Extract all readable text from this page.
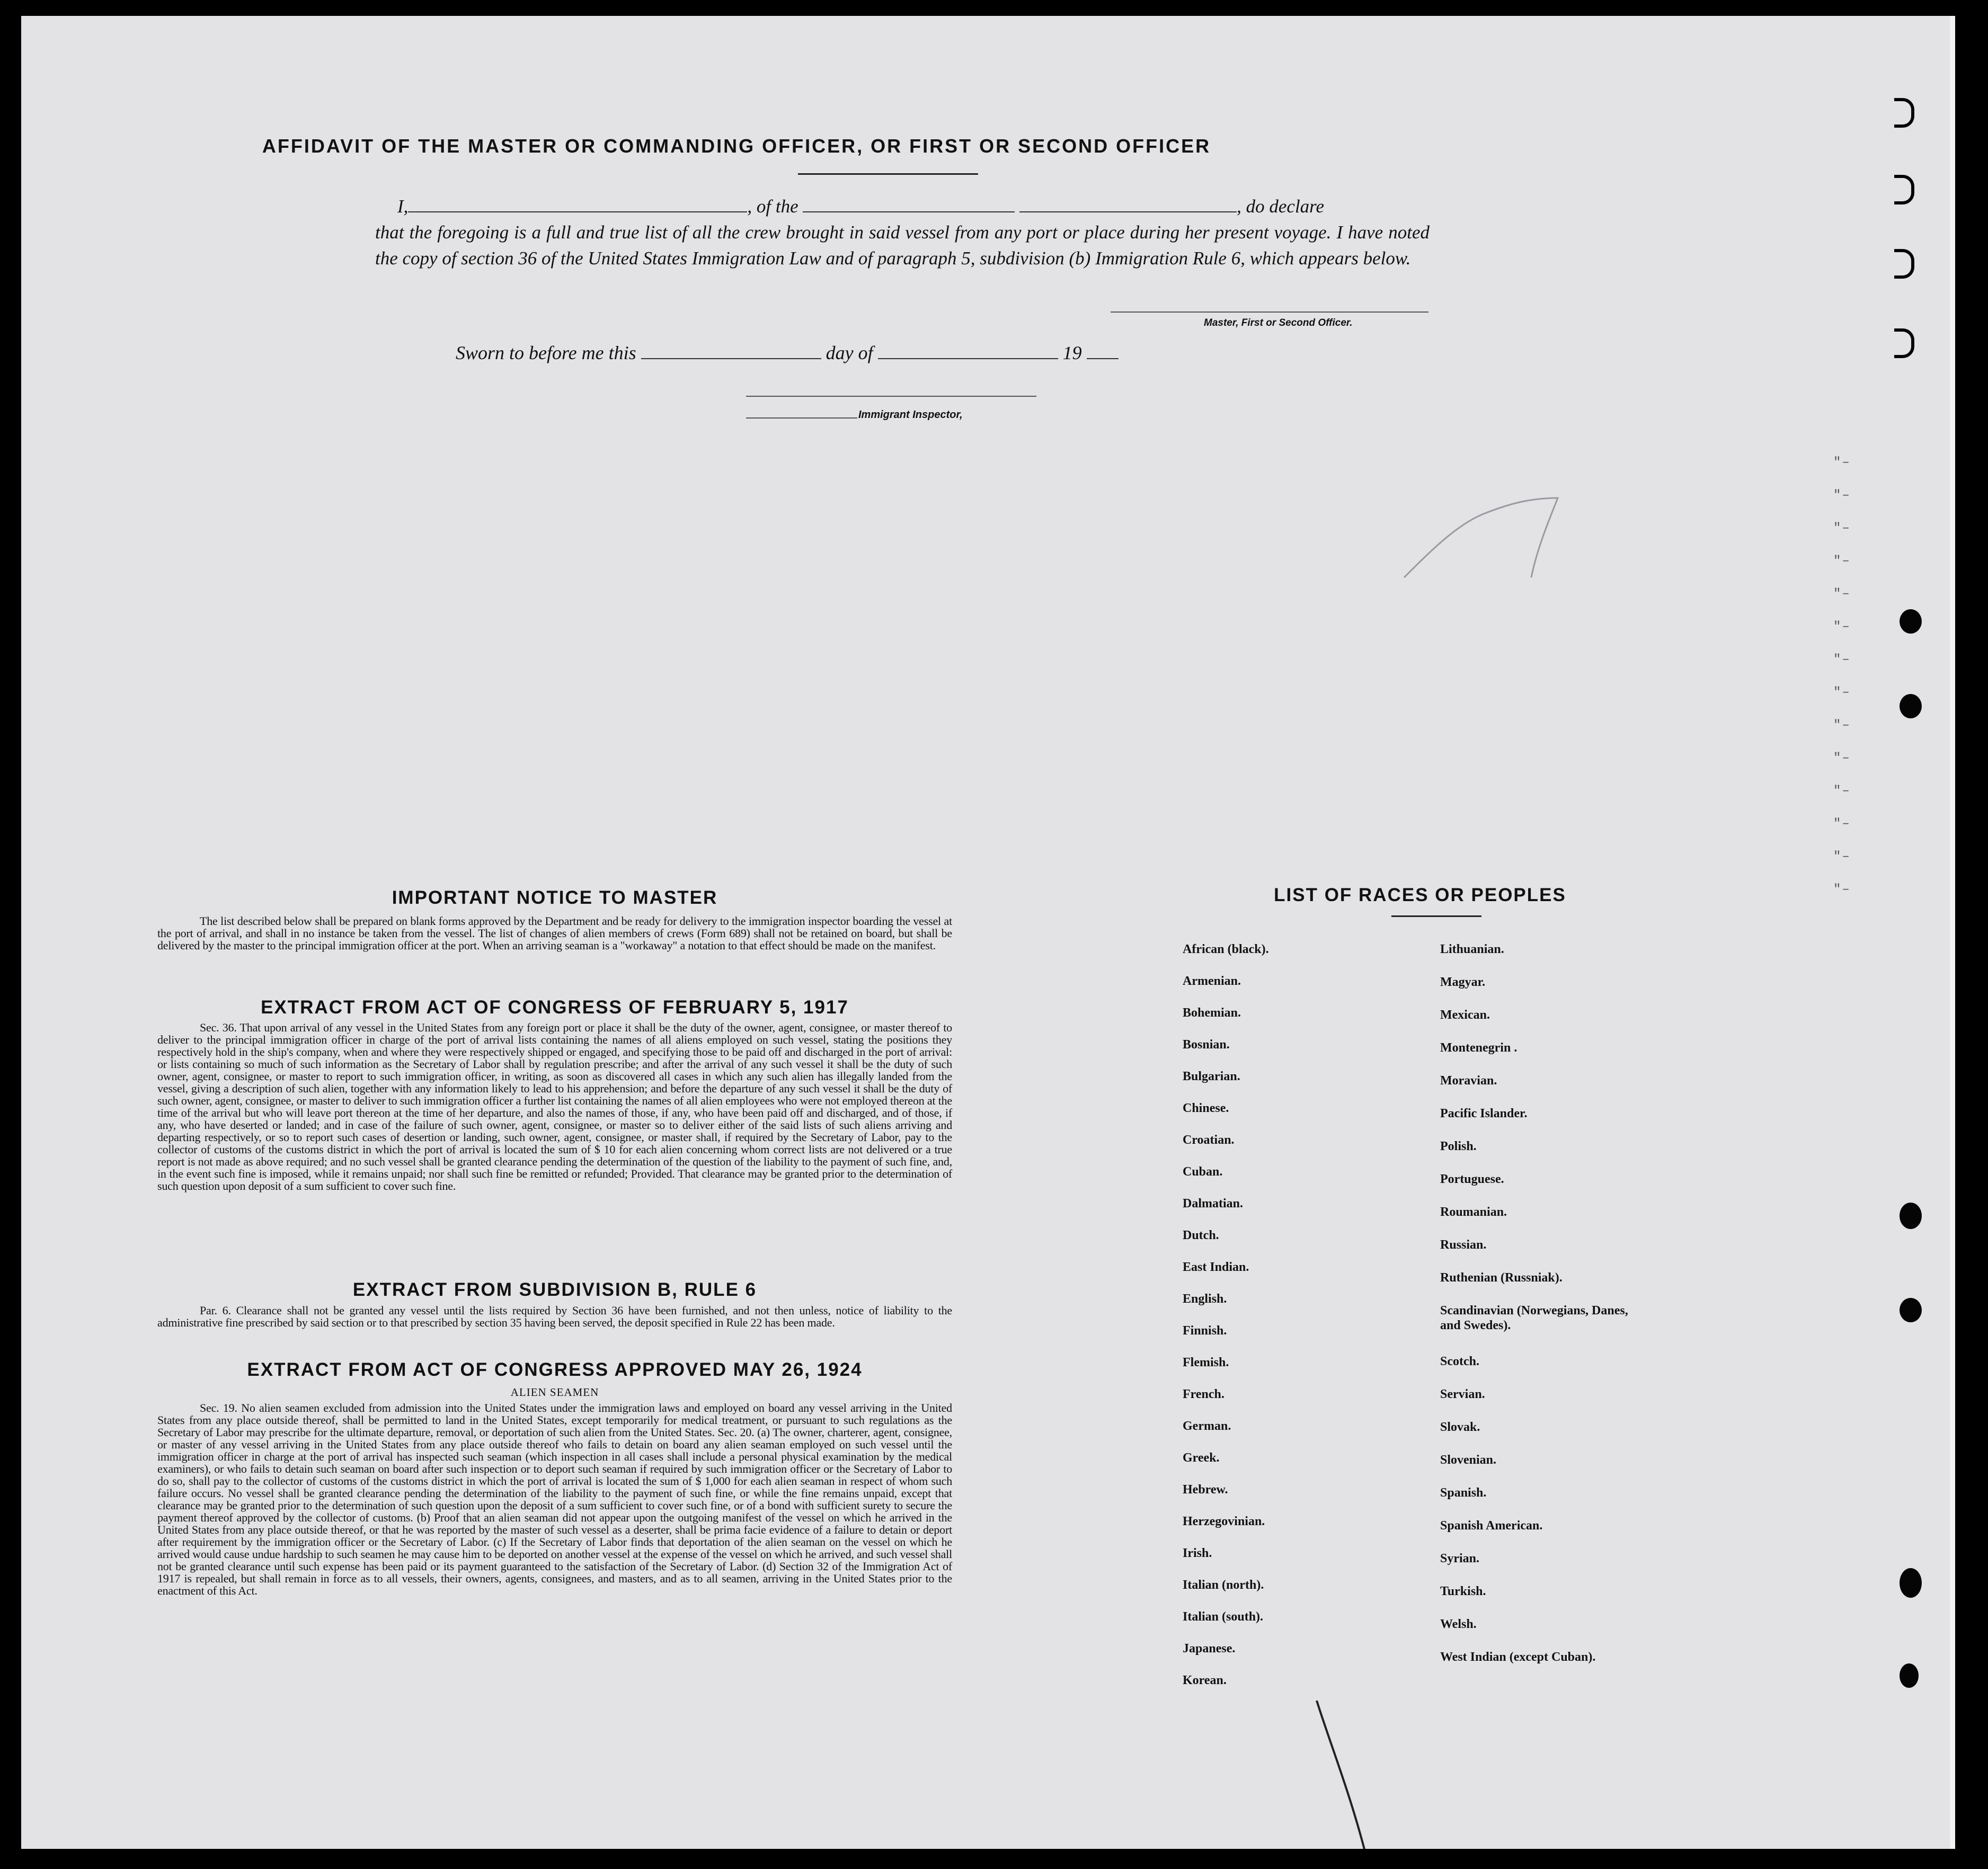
AFFIDAVIT OF THE MASTER OR COMMANDING OFFICER, OR FIRST OR SECOND OFFICER
I,	, of the	, do declare
that the foregoing is a full and true list of all the crew brought in said vessel from any port or place during her present voyage. I have noted the copy of section 36 of the United States Immigration Law and of paragraph 5, subdivision (b) Immigration Rule 6, which appears below.
Master, First or Second Officer.
Sworn to before me this	day of	19
Immigrant Inspector,
IMPORTANT NOTICE TO MASTER
The list described below shall be prepared on blank forms approved by the Department and be ready for delivery to the immigration inspector boarding the vessel at the port of arrival, and shall in no instance be taken from the vessel. The list of changes of alien members of crews (Form 689) shall not be retained on board, but shall be delivered by the master to the principal immigration officer at the port. When an arriving seaman is a "workaway" a notation to that effect should be made on the manifest.
EXTRACT FROM ACT OF CONGRESS OF FEBRUARY 5, 1917
Sec. 36. That upon arrival of any vessel in the United States from any foreign port or place it shall be the duty of the owner, agent, consignee, or master thereof to deliver to the principal immigration officer in charge of the port of arrival lists containing the names of all aliens employed on such vessel, stating the positions they respectively hold in the ship's company, when and where they were respectively shipped or engaged, and specifying those to be paid off and discharged in the port of arrival: or lists containing so much of such information as the Secretary of Labor shall by regulation prescribe; and after the arrival of any such vessel it shall be the duty of such owner, agent, consignee, or master to report to such immigration officer, in writing, as soon as discovered all cases in which any such alien has illegally landed from the vessel, giving a description of such alien, together with any information likely to lead to his apprehension; and before the departure of any such vessel it shall be the duty of such owner, agent, consignee, or master to deliver to such immigration officer a further list containing the names of all alien employees who were not employed thereon at the time of the arrival but who will leave port thereon at the time of her departure, and also the names of those, if any, who have been paid off and discharged, and of those, if any, who have deserted or landed; and in case of the failure of such owner, agent, consignee, or master so to deliver either of the said lists of such aliens arriving and departing respectively, or so to report such cases of desertion or landing, such owner, agent, consignee, or master shall, if required by the Secretary of Labor, pay to the collector of customs of the customs district in which the port of arrival is located the sum of $ 10 for each alien concerning whom correct lists are not delivered or a true report is not made as above required; and no such vessel shall be granted clearance pending the determination of the question of the liability to the payment of such fine, and, in the event such fine is imposed, while it remains unpaid; nor shall such fine be remitted or refunded; Provided. That clearance may be granted prior to the determination of such question upon deposit of a sum sufficient to cover such fine.
EXTRACT FROM SUBDIVISION B, RULE 6
Par. 6. Clearance shall not be granted any vessel until the lists required by Section 36 have been furnished, and not then unless, notice of liability to the administrative fine prescribed by said section or to that prescribed by section 35 having been served, the deposit specified in Rule 22 has been made.
EXTRACT FROM ACT OF CONGRESS APPROVED MAY 26, 1924
ALIEN SEAMEN
Sec. 19. No alien seamen excluded from admission into the United States under the immigration laws and employed on board any vessel arriving in the United States from any place outside thereof, shall be permitted to land in the United States, except temporarily for medical treatment, or pursuant to such regulations as the Secretary of Labor may prescribe for the ultimate departure, removal, or deportation of such alien from the United States. Sec. 20. (a) The owner, charterer, agent, consignee, or master of any vessel arriving in the United States from any place outside thereof who fails to detain on board any alien seaman employed on such vessel until the immigration officer in charge at the port of arrival has inspected such seaman (which inspection in all cases shall include a personal physical examination by the medical examiners), or who fails to detain such seaman on board after such inspection or to deport such seaman if required by such immigration officer or the Secretary of Labor to do so, shall pay to the collector of customs of the customs district in which the port of arrival is located the sum of $ 1,000 for each alien seaman in respect of whom such failure occurs. No vessel shall be granted clearance pending the determination of the liability to the payment of such fine, or while the fine remains unpaid, except that clearance may be granted prior to the determination of such question upon the deposit of a sum sufficient to cover such fine, or of a bond with sufficient surety to secure the payment thereof approved by the collector of customs. (b) Proof that an alien seaman did not appear upon the outgoing manifest of the vessel on which he arrived in the United States from any place outside thereof, or that he was reported by the master of such vessel as a deserter, shall be prima facie evidence of a failure to detain or deport after requirement by the immigration officer or the Secretary of Labor. (c) If the Secretary of Labor finds that deportation of the alien seaman on the vessel on which he arrived would cause undue hardship to such seamen he may cause him to be deported on another vessel at the expense of the vessel on which he arrived, and such vessel shall not be granted clearance until such expense has been paid or its payment guaranteed to the satisfaction of the Secretary of Labor. (d) Section 32 of the Immigration Act of 1917 is repealed, but shall remain in force as to all vessels, their owners, agents, consignees, and masters, and as to all seamen, arriving in the United States prior to the enactment of this Act.
LIST OF RACES OR PEOPLES
African (black).
Armenian.
Bohemian.
Bosnian.
Bulgarian.
Chinese.
Croatian.
Cuban.
Dalmatian.
Dutch.
East Indian.
English.
Finnish.
Flemish.
French.
German.
Greek.
Hebrew.
Herzegovinian.
Irish.
Italian (north).
Italian (south).
Japanese.
Korean.
Lithuanian.
Magyar.
Mexican.
Montenegrin .
Moravian.
Pacific Islander.
Polish.
Portuguese.
Roumanian.
Russian.
Ruthenian (Russniak).
Scandinavian (Norwegians, Danes, and Swedes).
Scotch.
Servian.
Slovak.
Slovenian.
Spanish.
Spanish American.
Syrian.
Turkish.
Welsh.
West Indian (except Cuban).
"–
"–
"–
"–
"–
"–
"–
"–
"–
"–
"–
"–
"–
"–
